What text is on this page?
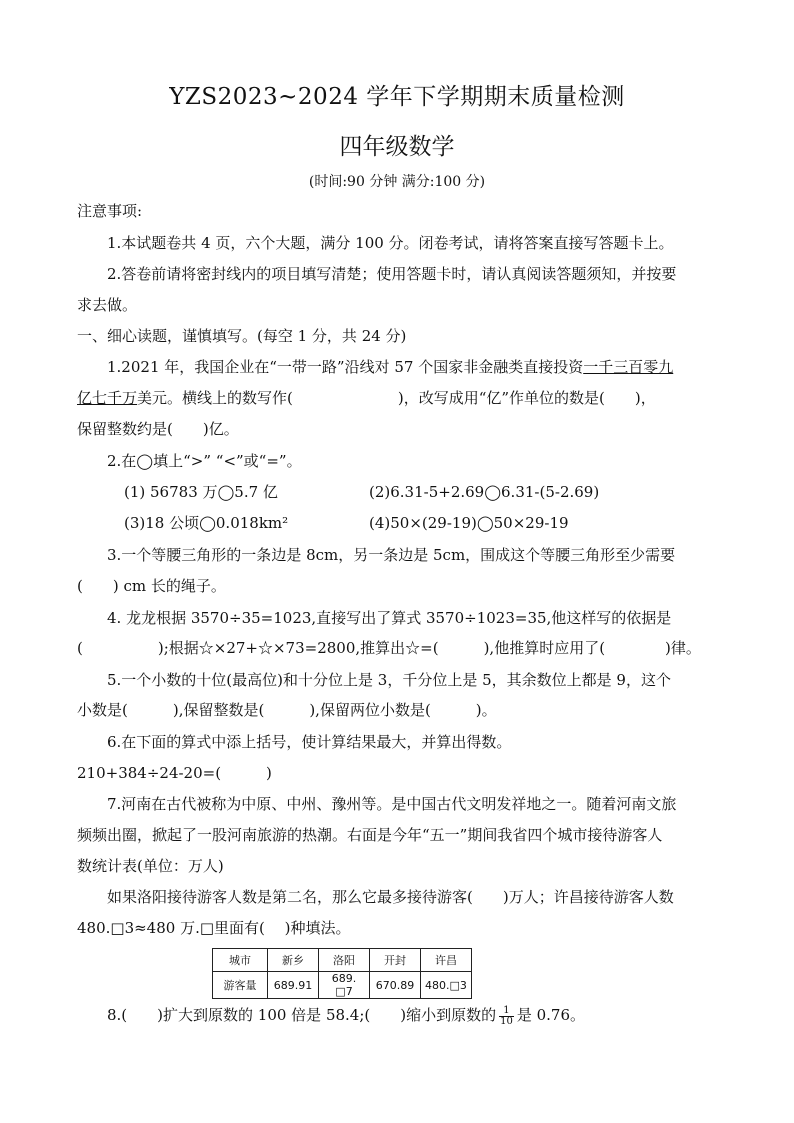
YZS2023~2024 学年下学期期末质量检测
四年级数学
(时间:90 分钟 满分:100 分)
注意事项:
1.本试题卷共 4 页，六个大题，满分 100 分。闭卷考试，请将答案直接写答题卡上。
2.答卷前请将密封线内的项目填写清楚；使用答题卡时，请认真阅读答题须知，并按要
求去做。
一、细心读题，谨慎填写。(每空 1 分，共 24 分)
1.2021 年，我国企业在“一带一路”沿线对 57 个国家非金融类直接投资一千三百零九
亿七千万美元。横线上的数写作(　　　　　　　)，改写成用“亿”作单位的数是(　　)，
保留整数约是(　　)亿。
2.在◯填上“>” “<”或“=”。
(1) 56783 万◯5.7 亿	(2)6.31-5+2.69◯6.31-(5-2.69)
(3)18 公顷◯0.018km²	(4)50×(29-19)◯50×29-19
3.一个等腰三角形的一条边是 8cm，另一条边是 5cm，围成这个等腰三角形至少需要
(　　) cm 长的绳子。
4. 龙龙根据 3570÷35=1023,直接写出了算式 3570÷1023=35,他这样写的依据是
(　　　　　);根据☆×27+☆×73=2800,推算出☆=(　　　),他推算时应用了(　　　　)律。
5.一个小数的十位(最高位)和十分位上是 3，千分位上是 5，其余数位上都是 9，这个
小数是(　　　),保留整数是(　　　),保留两位小数是(　　　)。
6.在下面的算式中添上括号，使计算结果最大，并算出得数。
210+384÷24-20=(　　　)
7.河南在古代被称为中原、中州、豫州等。是中国古代文明发祥地之一。随着河南文旅
频频出圈，掀起了一股河南旅游的热潮。右面是今年“五一”期间我省四个城市接待游客人
数统计表(单位：万人)
如果洛阳接待游客人数是第二名，那么它最多接待游客(　　)万人；许昌接待游客人数
480.□3≈480 万.□里面有(　 )种填法。
城市	新乡	洛阳	开封	许昌
游客量	689.91	689. □7	670.89	480.□3
8.(　　)扩大到原数的 100 倍是 58.4;(　　)缩小到原数的 $\frac{1}{10}$ 是 0.76。
